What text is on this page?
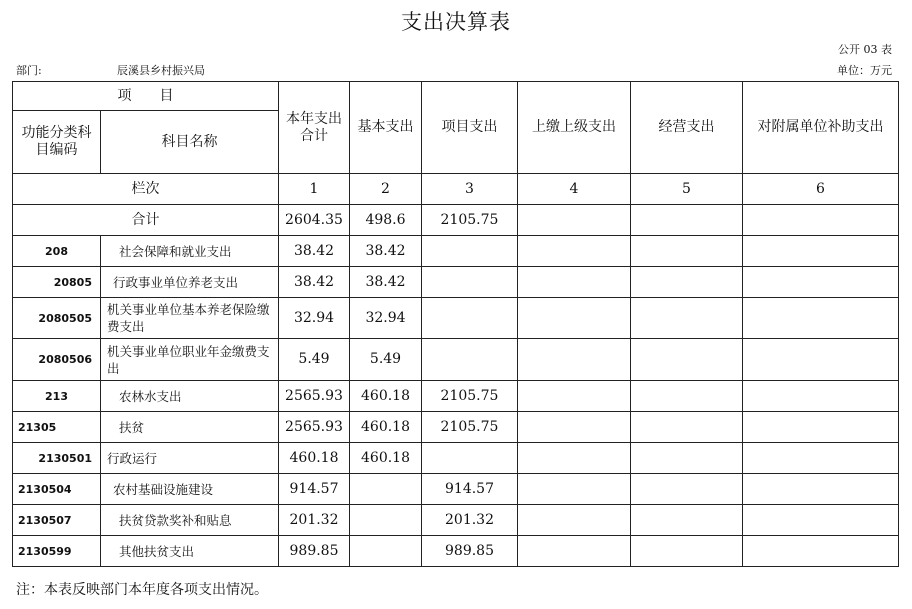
支出决算表
公开 03 表
部门:	辰溪县乡村振兴局	单位：万元
项　　目		本年支出合计	基本支出	项目支出	上缴上级支出	经营支出	对附属单位补助支出
功能分类科目编码	科目名称						
栏次		1	2	3	4	5	6
合计		2604.35	498.6	2105.75			
208	社会保障和就业支出	38.42	38.42				
20805	行政事业单位养老支出	38.42	38.42				
2080505	机关事业单位基本养老保险缴费支出	32.94	32.94				
2080506	机关事业单位职业年金缴费支出	5.49	5.49				
213	农林水支出	2565.93	460.18	2105.75			
21305	扶贫	2565.93	460.18	2105.75			
2130501	行政运行	460.18	460.18				
2130504	农村基础设施建设	914.57		914.57			
2130507	扶贫贷款奖补和贴息	201.32		201.32			
2130599	其他扶贫支出	989.85		989.85			
注：本表反映部门本年度各项支出情况。
